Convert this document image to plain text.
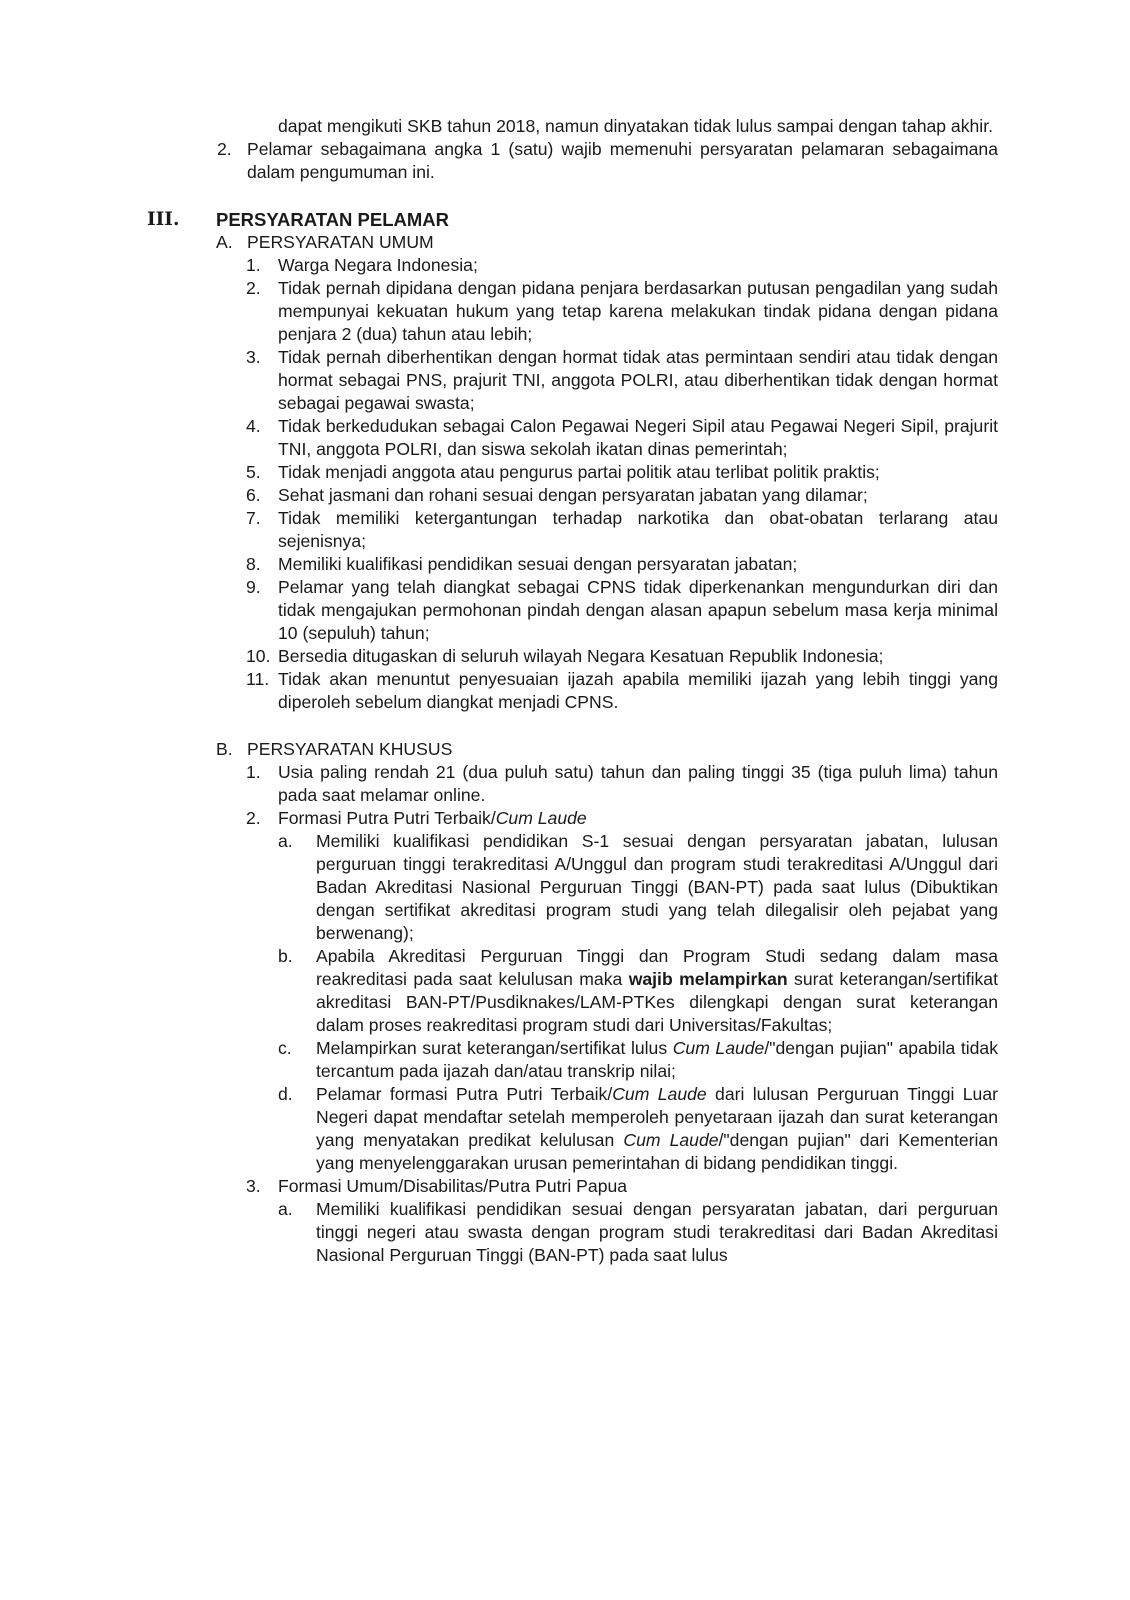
dapat mengikuti SKB tahun 2018, namun dinyatakan tidak lulus sampai dengan tahap akhir.
2. Pelamar sebagaimana angka 1 (satu) wajib memenuhi persyaratan pelamaran sebagaimana dalam pengumuman ini.
III. PERSYARATAN PELAMAR
A. PERSYARATAN UMUM
1. Warga Negara Indonesia;
2. Tidak pernah dipidana dengan pidana penjara berdasarkan putusan pengadilan yang sudah mempunyai kekuatan hukum yang tetap karena melakukan tindak pidana dengan pidana penjara 2 (dua) tahun atau lebih;
3. Tidak pernah diberhentikan dengan hormat tidak atas permintaan sendiri atau tidak dengan hormat sebagai PNS, prajurit TNI, anggota POLRI, atau diberhentikan tidak dengan hormat sebagai pegawai swasta;
4. Tidak berkedudukan sebagai Calon Pegawai Negeri Sipil atau Pegawai Negeri Sipil, prajurit TNI, anggota POLRI, dan siswa sekolah ikatan dinas pemerintah;
5. Tidak menjadi anggota atau pengurus partai politik atau terlibat politik praktis;
6. Sehat jasmani dan rohani sesuai dengan persyaratan jabatan yang dilamar;
7. Tidak memiliki ketergantungan terhadap narkotika dan obat-obatan terlarang atau sejenisnya;
8. Memiliki kualifikasi pendidikan sesuai dengan persyaratan jabatan;
9. Pelamar yang telah diangkat sebagai CPNS tidak diperkenankan mengundurkan diri dan tidak mengajukan permohonan pindah dengan alasan apapun sebelum masa kerja minimal 10 (sepuluh) tahun;
10. Bersedia ditugaskan di seluruh wilayah Negara Kesatuan Republik Indonesia;
11. Tidak akan menuntut penyesuaian ijazah apabila memiliki ijazah yang lebih tinggi yang diperoleh sebelum diangkat menjadi CPNS.
B. PERSYARATAN KHUSUS
1. Usia paling rendah 21 (dua puluh satu) tahun dan paling tinggi 35 (tiga puluh lima) tahun pada saat melamar online.
2. Formasi Putra Putri Terbaik/Cum Laude
a. Memiliki kualifikasi pendidikan S-1 sesuai dengan persyaratan jabatan, lulusan perguruan tinggi terakreditasi A/Unggul dan program studi terakreditasi A/Unggul dari Badan Akreditasi Nasional Perguruan Tinggi (BAN-PT) pada saat lulus (Dibuktikan dengan sertifikat akreditasi program studi yang telah dilegalisir oleh pejabat yang berwenang);
b. Apabila Akreditasi Perguruan Tinggi dan Program Studi sedang dalam masa reakreditasi pada saat kelulusan maka wajib melampirkan surat keterangan/sertifikat akreditasi BAN-PT/Pusdiknakes/LAM-PTKes dilengkapi dengan surat keterangan dalam proses reakreditasi program studi dari Universitas/Fakultas;
c. Melampirkan surat keterangan/sertifikat lulus Cum Laude/"dengan pujian" apabila tidak tercantum pada ijazah dan/atau transkrip nilai;
d. Pelamar formasi Putra Putri Terbaik/Cum Laude dari lulusan Perguruan Tinggi Luar Negeri dapat mendaftar setelah memperoleh penyetaraan ijazah dan surat keterangan yang menyatakan predikat kelulusan Cum Laude/"dengan pujian" dari Kementerian yang menyelenggarakan urusan pemerintahan di bidang pendidikan tinggi.
3. Formasi Umum/Disabilitas/Putra Putri Papua
a. Memiliki kualifikasi pendidikan sesuai dengan persyaratan jabatan, dari perguruan tinggi negeri atau swasta dengan program studi terakreditasi dari Badan Akreditasi Nasional Perguruan Tinggi (BAN-PT) pada saat lulus
